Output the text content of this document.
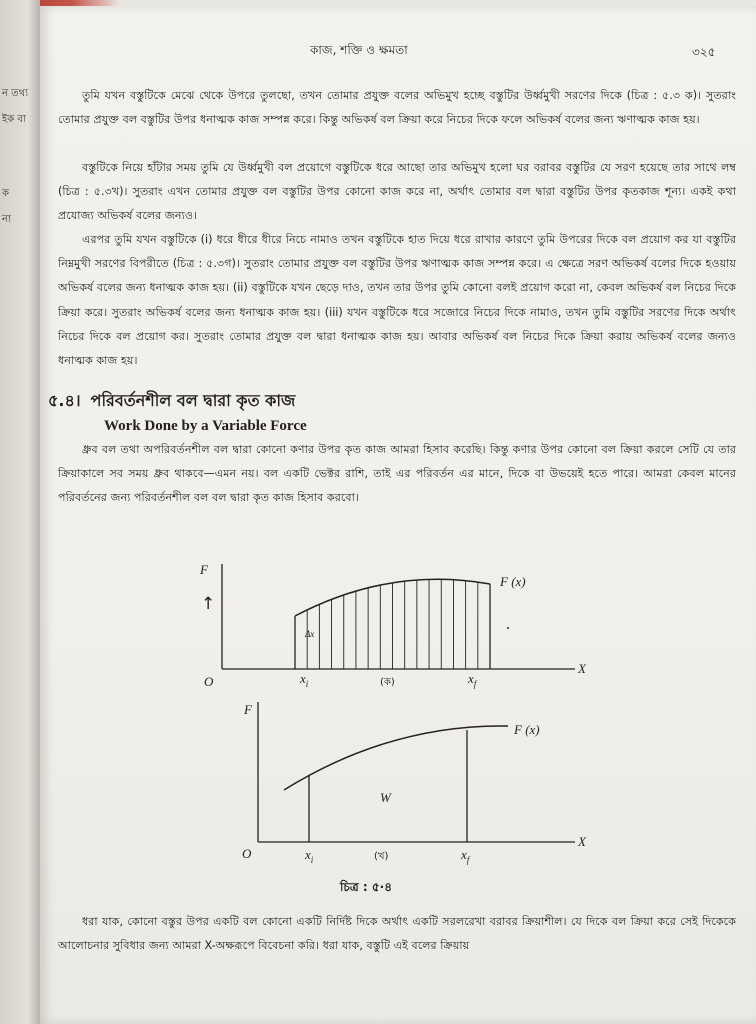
ন তথ্য
ইক বা
ক
না
কাজ, শক্তি ও ক্ষমতা	৩২৫

তুমি যখন বস্তুটিকে মেঝে থেকে উপরে তুলছো, তখন তোমার প্রযুক্ত বলের অভিমুখ হচ্ছে বস্তুটির উর্ধ্বমুখী সরণের দিকে (চিত্র : ৫.৩ ক)। সুতরাং তোমার প্রযুক্ত বল বস্তুটির উপর ধনাত্মক কাজ সম্পন্ন করে। কিন্তু অভিকর্ষ বল ক্রিয়া করে নিচের দিকে ফলে অভিকর্ষ বলের জন্য ঋণাত্মক কাজ হয়।

বস্তুটিকে নিয়ে হাঁটার সময় তুমি যে উর্ধ্বমুখী বল প্রয়োগে বস্তুটিকে ধরে আছো তার অভিমুখ হলো ঘর বরাবর বস্তুটির যে সরণ হয়েছে তার সাথে লম্ব (চিত্র : ৫.৩খ)। সুতরাং এখন তোমার প্রযুক্ত বল বস্তুটির উপর কোনো কাজ করে না, অর্থাৎ তোমার বল দ্বারা বস্তুটির উপর কৃতকাজ শূন্য। একই কথা প্রযোজ্য অভিকর্ষ বলের জন্যও।

এরপর তুমি যখন বস্তুটিকে (i) ধরে ধীরে ধীরে নিচে নামাও তখন বস্তুটিকে হাত দিয়ে ধরে রাখার কারণে তুমি উপরের দিকে বল প্রয়োগ কর যা বস্তুটির নিম্নমুখী সরণের বিপরীতে (চিত্র : ৫.৩গ)। সুতরাং তোমার প্রযুক্ত বল বস্তুটির উপর ঋণাত্মক কাজ সম্পন্ন করে। এ ক্ষেত্রে সরণ অভিকর্ষ বলের দিকে হওয়ায় অভিকর্ষ বলের জন্য ধনাত্মক কাজ হয়। (ii) বস্তুটিকে যখন ছেড়ে দাও, তখন তার উপর তুমি কোনো বলই প্রয়োগ করো না, কেবল অভিকর্ষ বল নিচের দিকে ক্রিয়া করে। সুতরাং অভিকর্ষ বলের জন্য ধনাত্মক কাজ হয়। (iii) যখন বস্তুটিকে ধরে সজোরে নিচের দিকে নামাও, তখন তুমি বস্তুটির সরণের দিকে অর্থাৎ নিচের দিকে বল প্রয়োগ কর। সুতরাং তোমার প্রযুক্ত বল দ্বারা ধনাত্মক কাজ হয়। আবার অভিকর্ষ বল নিচের দিকে ক্রিয়া করায় অভিকর্ষ বলের জন্যও ধনাত্মক কাজ হয়।

৫.৪। পরিবর্তনশীল বল দ্বারা কৃত কাজ
Work Done by a Variable Force

ধ্রুব বল তথা অপরিবর্তনশীল বল দ্বারা কোনো কণার উপর কৃত কাজ আমরা হিসাব করেছি। কিন্তু কণার উপর কোনো বল ক্রিয়া করলে সেটি যে তার ক্রিয়াকালে সব সময় ধ্রুব থাকবে—এমন নয়। বল একটি ভেক্টর রাশি, তাই এর পরিবর্তন এর মানে, দিকে বা উভয়েই হতে পারে। আমরা কেবল মানের পরিবর্তনের জন্য পরিবর্তনশীল বল বল দ্বারা কৃত কাজ হিসাব করবো।

F
↑
X
O
F (x)
Δx
$x_i$	$x_f$
(ক)
F
X
O
F (x)
W
$x_i$	$x_f$
(খ)
চিত্র : ৫·৪

ধরা যাক, কোনো বস্তুর উপর একটি বল কোনো একটি নির্দিষ্ট দিকে অর্থাৎ একটি সরলরেখা বরাবর ক্রিয়াশীল। যে দিকে বল ক্রিয়া করে সেই দিকেকে আলোচনার সুবিধার জন্য আমরা X-অক্ষরূপে বিবেচনা করি। ধরা যাক, বস্তুটি এই বলের ক্রিয়ায়
